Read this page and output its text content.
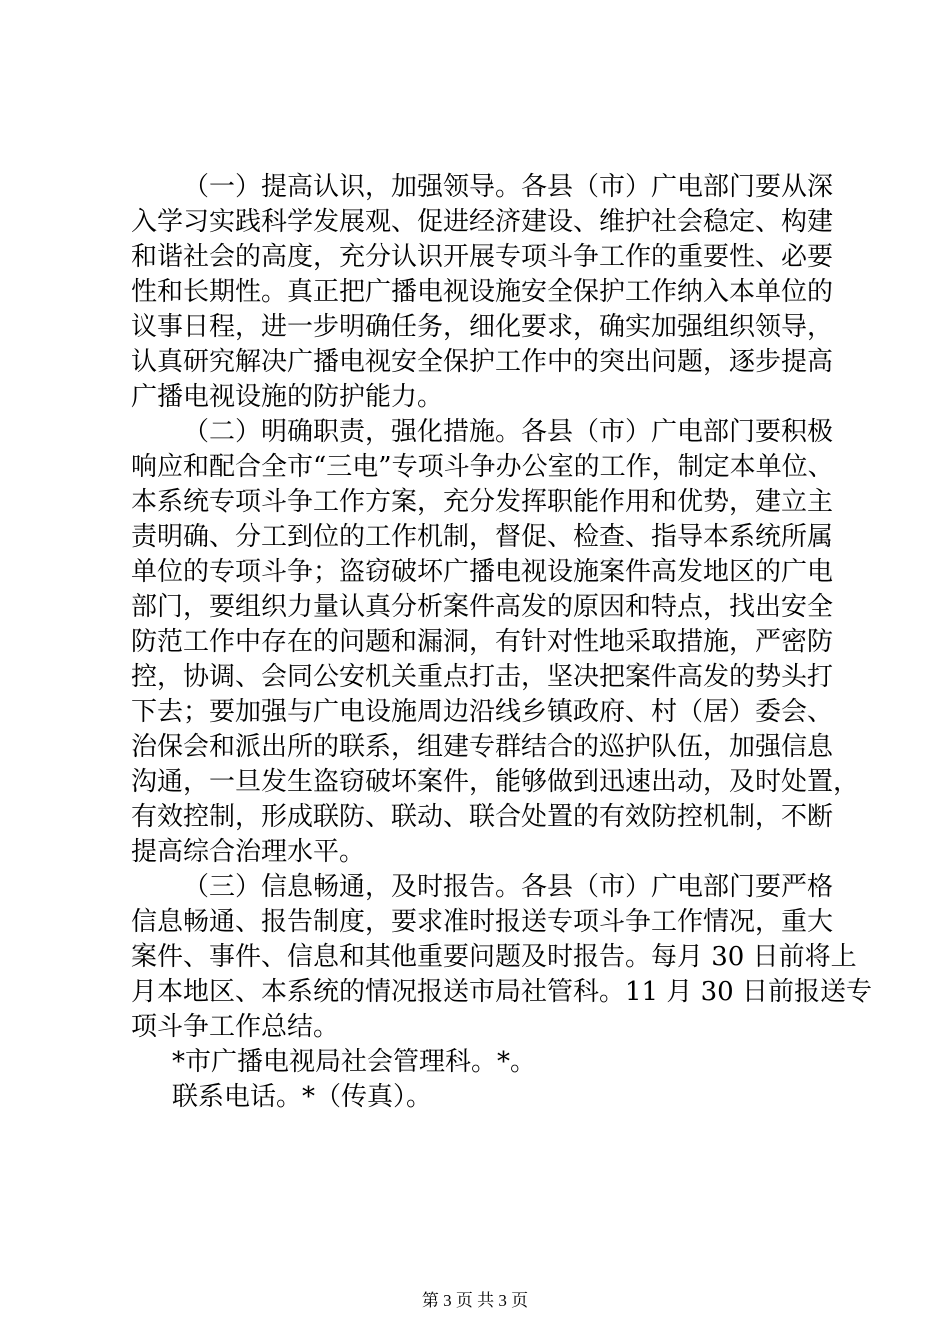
（一）提高认识，加强领导。各县（市）广电部门要从深
入学习实践科学发展观、促进经济建设、维护社会稳定、构建
和谐社会的高度，充分认识开展专项斗争工作的重要性、必要
性和长期性。真正把广播电视设施安全保护工作纳入本单位的
议事日程，进一步明确任务，细化要求，确实加强组织领导，
认真研究解决广播电视安全保护工作中的突出问题，逐步提高
广播电视设施的防护能力。
（二）明确职责，强化措施。各县（市）广电部门要积极
响应和配合全市“三电”专项斗争办公室的工作，制定本单位、
本系统专项斗争工作方案，充分发挥职能作用和优势，建立主
责明确、分工到位的工作机制，督促、检查、指导本系统所属
单位的专项斗争；盗窃破坏广播电视设施案件高发地区的广电
部门，要组织力量认真分析案件高发的原因和特点，找出安全
防范工作中存在的问题和漏洞，有针对性地采取措施，严密防
控，协调、会同公安机关重点打击，坚决把案件高发的势头打
下去；要加强与广电设施周边沿线乡镇政府、村（居）委会、
治保会和派出所的联系，组建专群结合的巡护队伍，加强信息
沟通，一旦发生盗窃破坏案件，能够做到迅速出动，及时处置，
有效控制，形成联防、联动、联合处置的有效防控机制，不断
提高综合治理水平。
（三）信息畅通，及时报告。各县（市）广电部门要严格
信息畅通、报告制度，要求准时报送专项斗争工作情况，重大
案件、事件、信息和其他重要问题及时报告。每月 30 日前将上
月本地区、本系统的情况报送市局社管科。11 月 30 日前报送专
项斗争工作总结。
*市广播电视局社会管理科。*。
联系电话。*（传真）。
第 3 页 共 3 页
